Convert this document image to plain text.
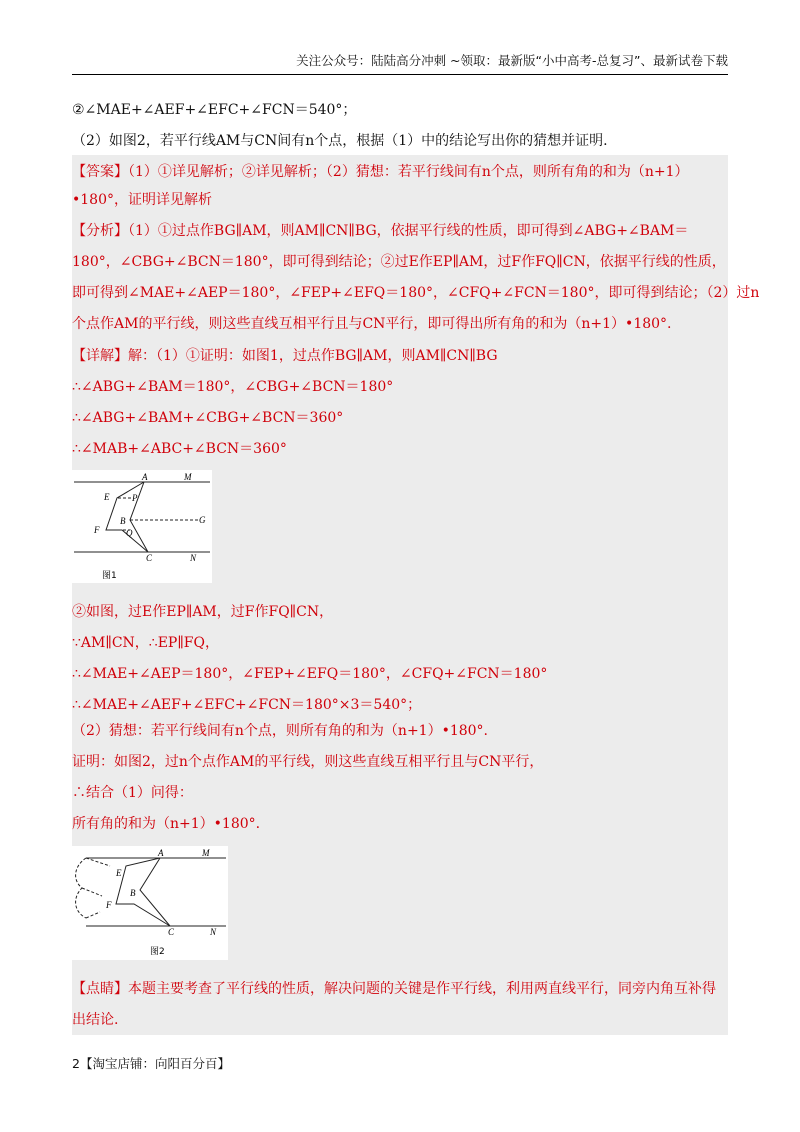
关注公众号：陆陆高分冲刺 ~领取：最新版“小中高考-总复习”、最新试卷下载
②∠MAE+∠AEF+∠EFC+∠FCN＝540°；
（2）如图2，若平行线AM与CN间有n个点，根据（1）中的结论写出你的猜想并证明.
【答案】（1）①详见解析；②详见解析；（2）猜想：若平行线间有n个点，则所有角的和为（n+1）
•180°，证明详见解析
【分析】（1）①过点作BG∥AM，则AM∥CN∥BG，依据平行线的性质，即可得到∠ABG+∠BAM＝
180°，∠CBG+∠BCN＝180°，即可得到结论；②过E作EP∥AM，过F作FQ∥CN，依据平行线的性质，
即可得到∠MAE+∠AEP＝180°，∠FEP+∠EFQ＝180°，∠CFQ+∠FCN＝180°，即可得到结论；（2）过n
个点作AM的平行线，则这些直线互相平行且与CN平行，即可得出所有角的和为（n+1）•180°.
【详解】解：（1）①证明：如图1，过点作BG∥AM，则AM∥CN∥BG
∴∠ABG+∠BAM＝180°，∠CBG+∠BCN＝180°
∴∠ABG+∠BAM+∠CBG+∠BCN＝360°
∴∠MAB+∠ABC+∠BCN＝360°
A	M
E	P
B	G
F	Q
C	N
图1
②如图，过E作EP∥AM，过F作FQ∥CN，
∵AM∥CN，∴EP∥FQ，
∴∠MAE+∠AEP＝180°，∠FEP+∠EFQ＝180°，∠CFQ+∠FCN＝180°
∴∠MAE+∠AEF+∠EFC+∠FCN＝180°×3＝540°；
（2）猜想：若平行线间有n个点，则所有角的和为（n+1）•180°.
证明：如图2，过n个点作AM的平行线，则这些直线互相平行且与CN平行，
∴结合（1）问得：
所有角的和为（n+1）•180°.
A	M
E
B
F
C	N
图2
【点睛】本题主要考查了平行线的性质，解决问题的关键是作平行线，利用两直线平行，同旁内角互补得
出结论.
2【淘宝店铺：向阳百分百】
